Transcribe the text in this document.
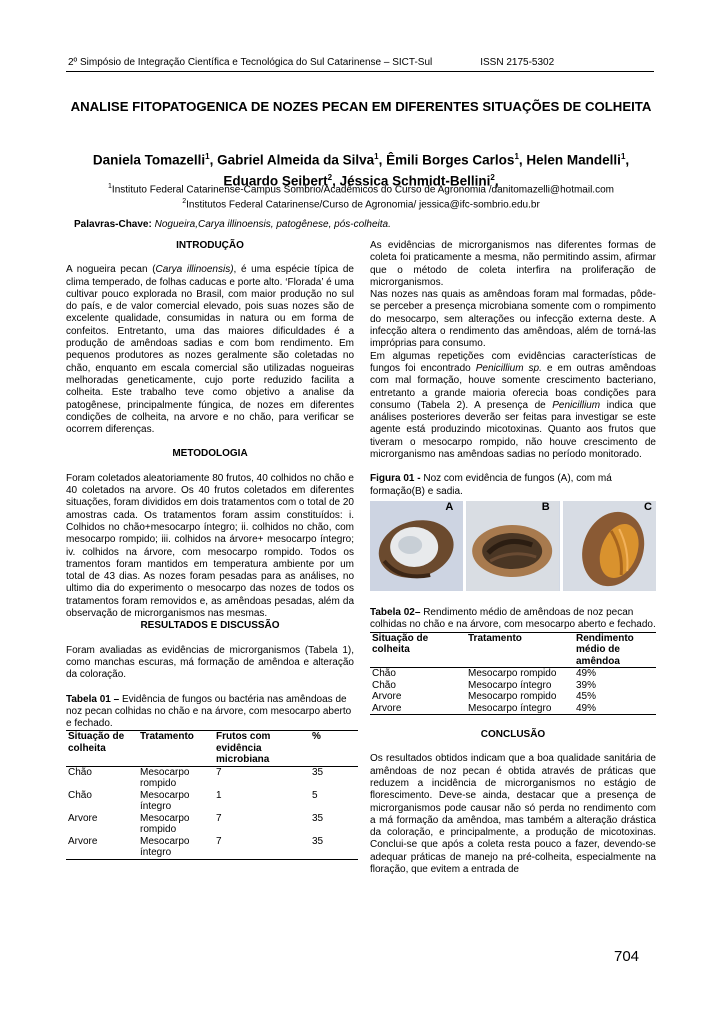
2º Simpósio de Integração Científica e Tecnológica do Sul Catarinense – SICT-Sul	ISSN 2175-5302
ANALISE FITOPATOGENICA DE NOZES PECAN EM DIFERENTES SITUAÇÕES DE COLHEITA
Daniela Tomazelli$^1$, Gabriel Almeida da Silva$^1$, Êmili Borges Carlos$^1$, Helen Mandelli$^1$,
Eduardo Seibert$^2$, Jéssica Schmidt-Bellini$^2$,
$^1$Instituto Federal Catarinense-Campus Sombrio/Acadêmicos do Curso de Agronomia /danitomazelli@hotmail.com
$^2$Institutos Federal Catarinense/Curso de Agronomia/ jessica@ifc-sombrio.edu.br
Palavras-Chave: Nogueira,Carya illinoensis, patogênese, pós-colheita.

INTRODUÇÃO

A nogueira pecan (Carya illinoensis), é uma espécie típica de clima temperado, de folhas caducas e porte alto. ‘Florada’ é uma cultivar pouco explorada no Brasil, com maior produção no sul do país, e de valor comercial elevado, pois suas nozes são de excelente qualidade, consumidas in natura ou em forma de confeitos. Entretanto, uma das maiores dificuldades é a produção de amêndoas sadias e com bom rendimento. Em pequenos produtores as nozes geralmente são coletadas no chão, enquanto em escala comercial são utilizadas nogueiras melhoradas geneticamente, cujo porte reduzido facilita a colheita. Este trabalho teve como objetivo a analise da patogênese, principalmente fúngica, de nozes em diferentes condições de colheita, na arvore e no chão, para verificar se ocorrem diferenças.

METODOLOGIA

Foram coletados aleatoriamente 80 frutos, 40 colhidos no chão e 40 coletados na arvore. Os 40 frutos coletados em diferentes situações, foram divididos em dois tratamentos com o total de 20 amostras cada. Os tratamentos foram assim constituídos: i. Colhidos no chão+mesocarpo íntegro; ii. colhidos no chão, com mesocarpo rompido; iii. colhidos na árvore+ mesocarpo íntegro; iv. colhidos na árvore, com mesocarpo rompido. Todos os tramentos foram mantidos em temperatura ambiente por um total de 43 dias. As nozes foram pesadas para as análises, no ultimo dia do experimento o mesocarpo das nozes de todos os tratamentos foram removidos e, as amêndoas pesadas, além da observação de microrganismos nas mesmas.

RESULTADOS E DISCUSSÃO

Foram avaliadas as evidências de microrganismos (Tabela 1), como manchas escuras, má formação de amêndoa e alteração da coloração.

Tabela 01 – Evidência de fungos ou bactéria nas amêndoas de noz pecan colhidas no chão e na árvore, com mesocarpo aberto e fechado.

Situação de colheita	Tratamento	Frutos com evidência microbiana	%
Chão	Mesocarpo rompido	7	35
Chão	Mesocarpo íntegro	1	5
Arvore	Mesocarpo rompido	7	35
Arvore	Mesocarpo íntegro	7	35

As evidências de microrganismos nas diferentes formas de coleta foi praticamente a mesma, não permitindo assim, afirmar que o método de coleta interfira na proliferação de microrganismos.

Nas nozes nas quais as amêndoas foram mal formadas, pôde-se perceber a presença microbiana somente com o rompimento do mesocarpo, sem alterações ou infecção externa deste. A infecção altera o rendimento das amêndoas, além de torná-las impróprias para consumo.

Em algumas repetições com evidências características de fungos foi encontrado Penicillium sp. e em outras amêndoas com mal formação, houve somente crescimento bacteriano, entretanto a grande maioria oferecia boas condições para consumo (Tabela 2). A presença de Penicillium indica que análises posteriores deverão ser feitas para investigar se este agente está produzindo micotoxinas. Quanto aos frutos que tiveram o mesocarpo rompido, não houve crescimento de microrganismo nas amêndoas sadias no período monitorado.

Figura 01 - Noz com evidência de fungos (A), com má formação(B) e sadia.

A	B	C

Tabela 02– Rendimento médio de amêndoas de noz pecan colhidas no chão e na árvore, com mesocarpo aberto e fechado.

Situação de colheita	Tratamento	Rendimento médio de amêndoa
Chão	Mesocarpo rompido	49%
Chão	Mesocarpo íntegro	39%
Arvore	Mesocarpo rompido	45%
Arvore	Mesocarpo íntegro	49%

CONCLUSÃO

Os resultados obtidos indicam que a boa qualidade sanitária de amêndoas de noz pecan é obtida através de práticas que reduzem a incidência de microrganismos no estágio de florescimento. Deve-se ainda, destacar que a presença de microrganismos pode causar não só perda no rendimento com a má formação da amêndoa, mas também a alteração drástica da coloração, e principalmente, a produção de micotoxinas. Conclui-se que após a coleta resta pouco a fazer, devendo-se adequar práticas de manejo na pré-colheita, especialmente na floração, que evitem a entrada de

704
